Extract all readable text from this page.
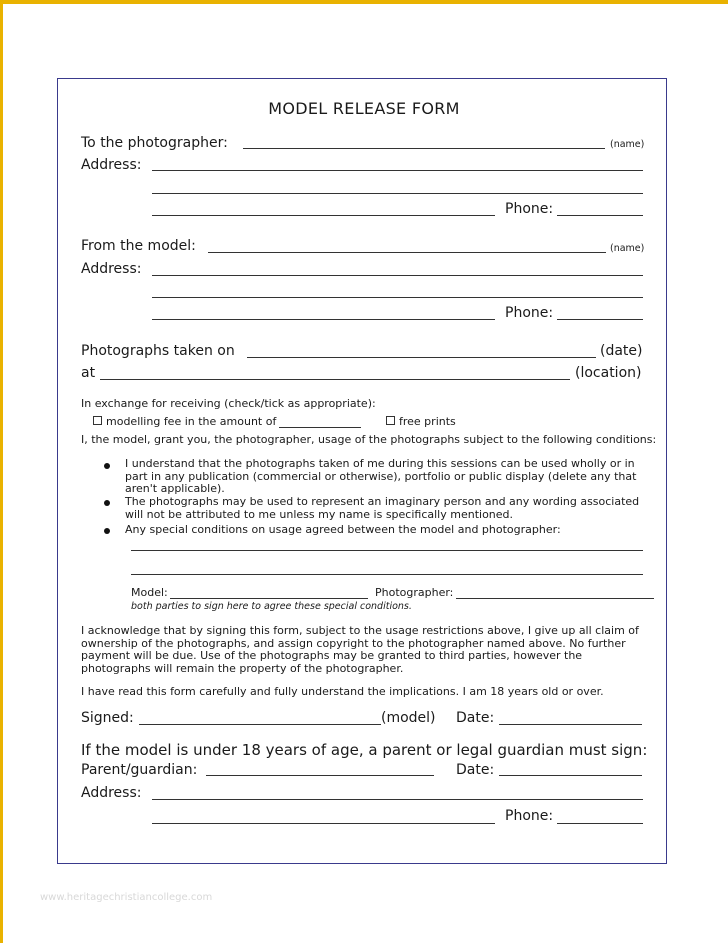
MODEL RELEASE FORM
To the photographer:	(name)
Address:
Phone:
From the model:	(name)
Address:
Phone:
Photographs taken on	(date)
at	(location)
In exchange for receiving (check/tick as appropriate):
modelling fee in the amount of	free prints
I, the model, grant you, the photographer, usage of the photographs subject to the following conditions:
I understand that the photographs taken of me during this sessions can be used wholly or in part in any publication (commercial or otherwise), portfolio or public display (delete any that aren't applicable).
The photographs may be used to represent an imaginary person and any wording associated will not be attributed to me unless my name is specifically mentioned.
Any special conditions on usage agreed between the model and photographer:
Model:	Photographer:
both parties to sign here to agree these special conditions.
I acknowledge that by signing this form, subject to the usage restrictions above, I give up all claim of ownership of the photographs, and assign copyright to the photographer named above. No further payment will be due. Use of the photographs may be granted to third parties, however the photographs will remain the property of the photographer.
I have read this form carefully and fully understand the implications. I am 18 years old or over.
Signed:	(model) Date:
If the model is under 18 years of age, a parent or legal guardian must sign:
Parent/guardian:	Date:
Address:
Phone:
www.heritagechristiancollege.com
